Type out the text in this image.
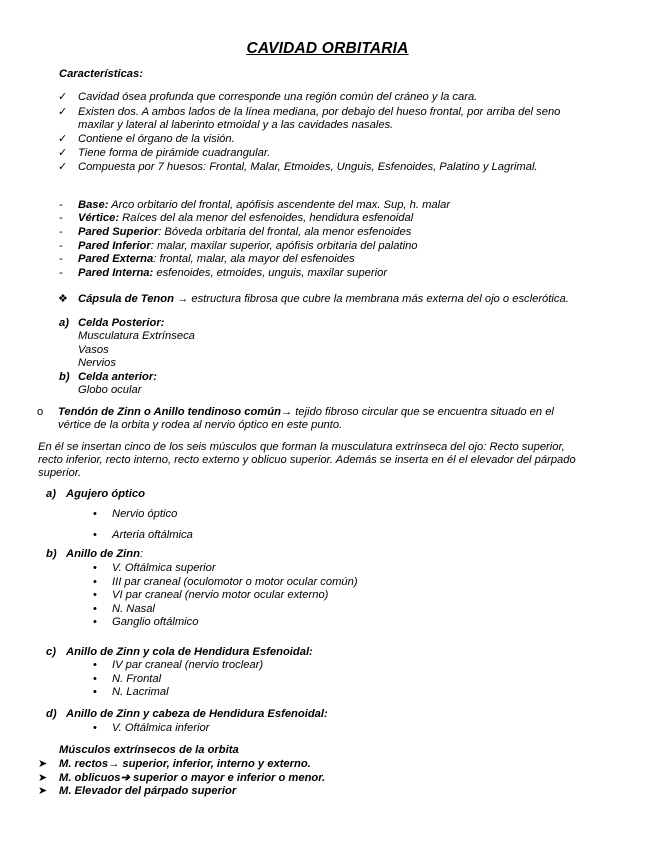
CAVIDAD ORBITARIA
Características:
✓ Cavidad ósea profunda que corresponde una región común del cráneo y la cara.
✓ Existen dos. A ambos lados de la línea mediana, por debajo del hueso frontal, por arriba del seno
maxilar y lateral al laberinto etmoidal y a las cavidades nasales.
✓ Contiene el órgano de la visión.
✓ Tiene forma de pirámide cuadrangular.
✓ Compuesta por 7 huesos: Frontal, Malar, Etmoides, Unguis, Esfenoides, Palatino y Lagrimal.
- Base: Arco orbitario del frontal, apófisis ascendente del max. Sup, h. malar
- Vértice: Raíces del ala menor del esfenoides, hendidura esfenoidal
- Pared Superior: Bóveda orbitaria del frontal, ala menor esfenoides
- Pared Inferior: malar, maxilar superior, apófisis orbitaria del palatino
- Pared Externa: frontal, malar, ala mayor del esfenoides
- Pared Interna: esfenoides, etmoides, unguis, maxilar superior
❖ Cápsula de Tenon → estructura fibrosa que cubre la membrana más externa del ojo o esclerótica.
a) Celda Posterior:
Musculatura Extrínseca
Vasos
Nervios
b) Celda anterior:
Globo ocular
o Tendón de Zinn o Anillo tendinoso común→ tejido fibroso circular que se encuentra situado en el
vértice de la orbita y rodea al nervio óptico en este punto.
En él se insertan cinco de los seis músculos que forman la musculatura extrínseca del ojo: Recto superior,
recto inferior, recto interno, recto externo y oblicuo superior. Además se inserta en él el elevador del párpado
superior.
a) Agujero óptico
• Nervio óptico
• Arteria oftálmica
b) Anillo de Zinn:
• V. Oftálmica superior
• III par craneal (oculomotor o motor ocular común)
• VI par craneal (nervio motor ocular externo)
• N. Nasal
• Ganglio oftálmico
c) Anillo de Zinn y cola de Hendidura Esfenoidal:
• IV par craneal (nervio troclear)
• N. Frontal
• N. Lacrimal
d) Anillo de Zinn y cabeza de Hendidura Esfenoidal:
• V. Oftálmica inferior
Músculos extrínsecos de la orbita
➤ M. rectos→ superior, inferior, interno y externo.
➤ M. oblicuos➔ superior o mayor e inferior o menor.
➤ M. Elevador del párpado superior
